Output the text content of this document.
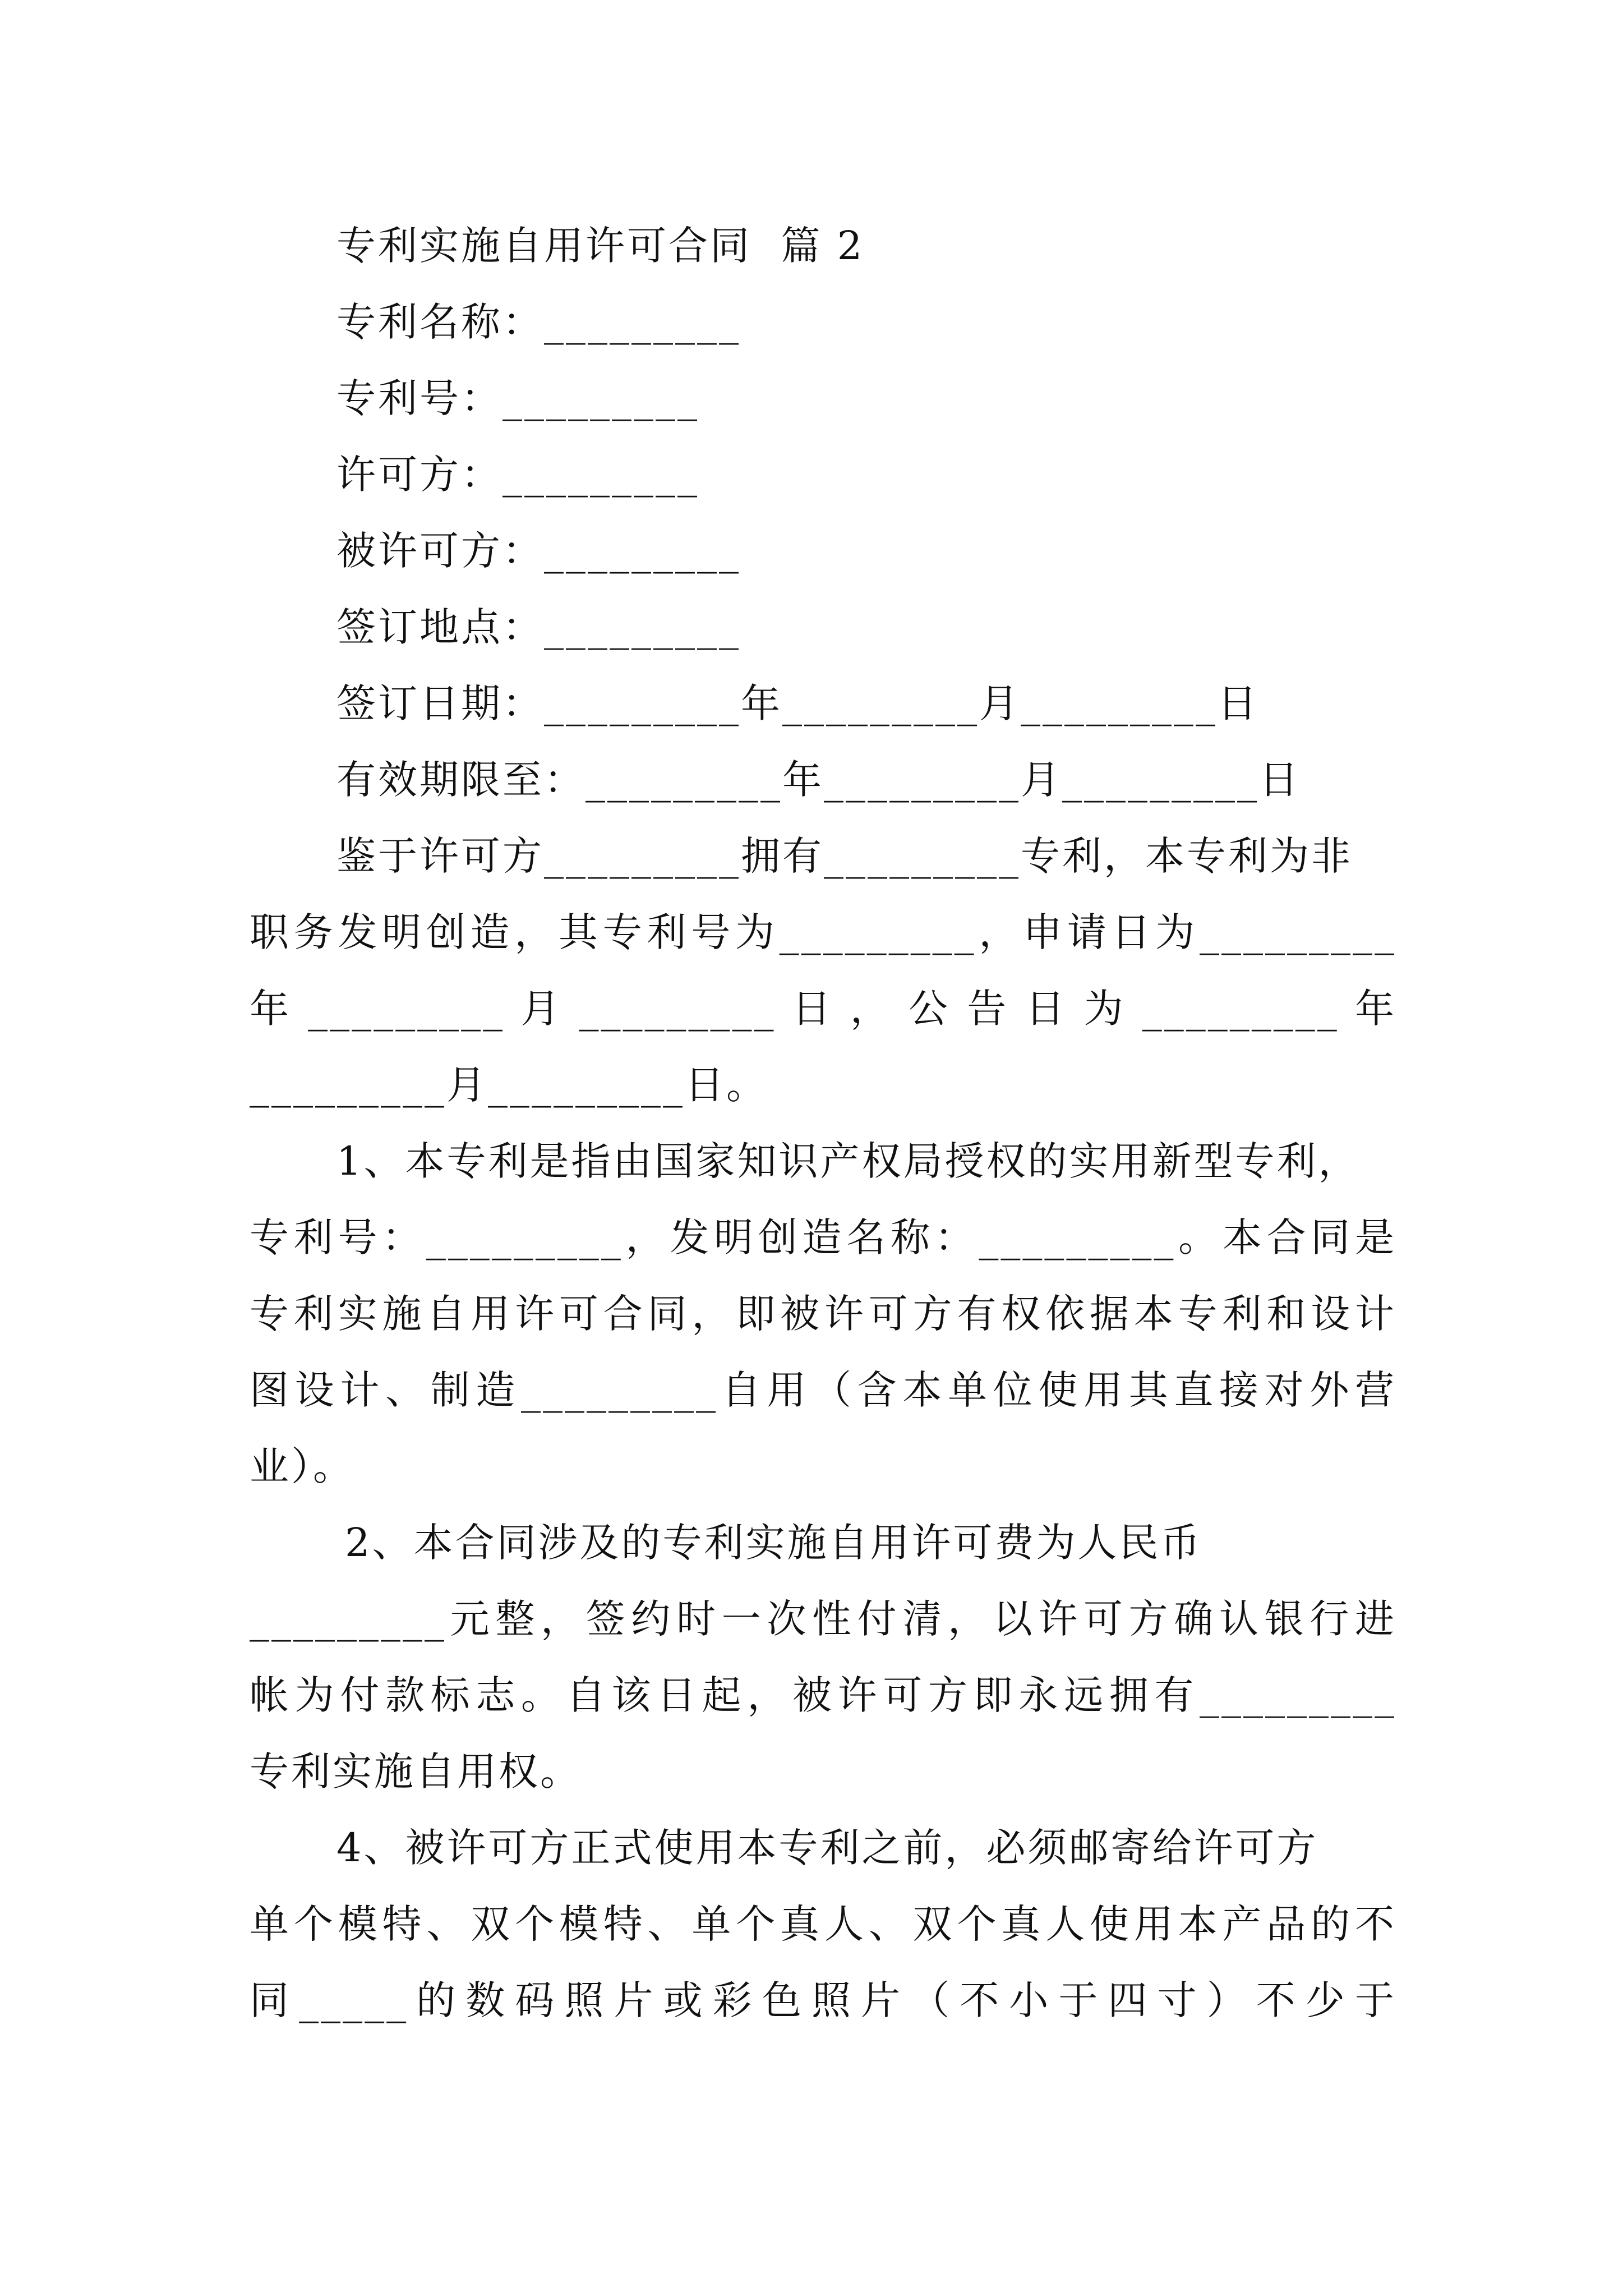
专利实施自用许可合同  篇 2
专利名称：_________
专利号：_________
许可方：_________
被许可方：_________
签订地点：_________
签订日期：_________年_________月_________日
有效期限至：_________年_________月_________日
鉴于许可方_________拥有_________专利，本专利为非
职务发明创造，其专利号为_________，申请日为_________
年 _________ 月 _________ 日 ， 公 告 日 为 _________ 年
_________月_________日。
1、本专利是指由国家知识产权局授权的实用新型专利，
专利号：_________，发明创造名称：_________。本合同是
专利实施自用许可合同，即被许可方有权依据本专利和设计
图设计、制造_________自用（含本单位使用其直接对外营
业）。
2、本合同涉及的专利实施自用许可费为人民币
_________元整，签约时一次性付清，以许可方确认银行进
帐为付款标志。自该日起，被许可方即永远拥有_________
专利实施自用权。
4、被许可方正式使用本专利之前，必须邮寄给许可方
单个模特、双个模特、单个真人、双个真人使用本产品的不
同_____的数码照片或彩色照片（不小于四寸）不少于
